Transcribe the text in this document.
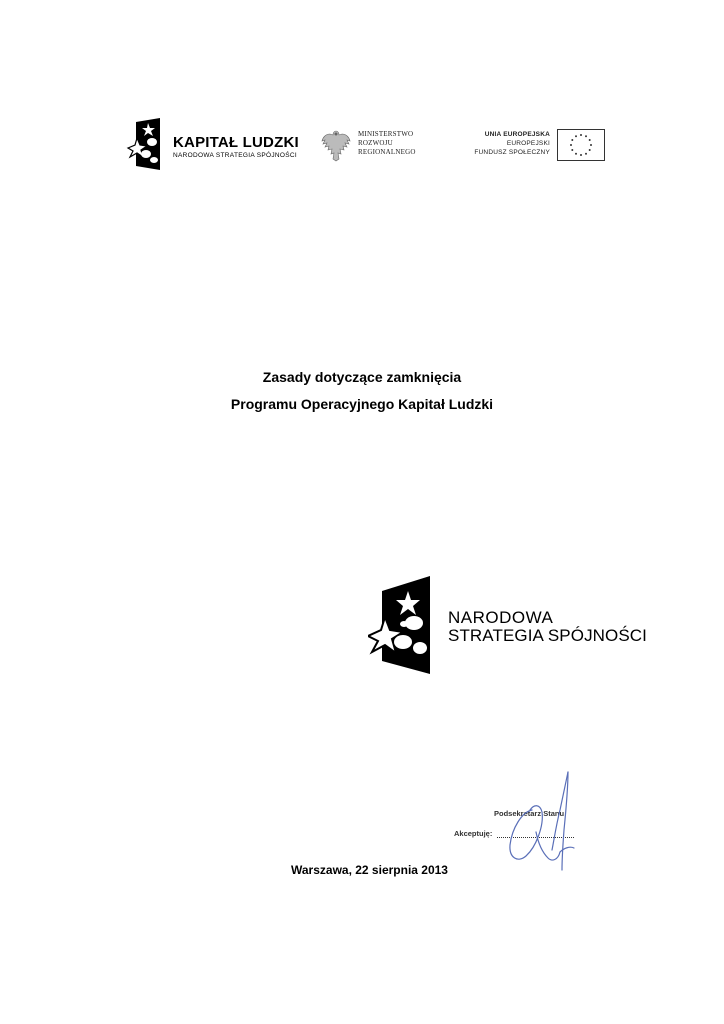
KAPITAŁ LUDZKI
NARODOWA STRATEGIA SPÓJNOŚCI
MINISTERSTWO
ROZWOJU
REGIONALNEGO
UNIA EUROPEJSKA
EUROPEJSKI
FUNDUSZ SPOŁECZNY
Zasady dotyczące zamknięcia
Programu Operacyjnego Kapitał Ludzki
NARODOWA
STRATEGIA SPÓJNOŚCI
Podsekretarz Stanu
Akceptuję:
Warszawa, 22 sierpnia 2013
